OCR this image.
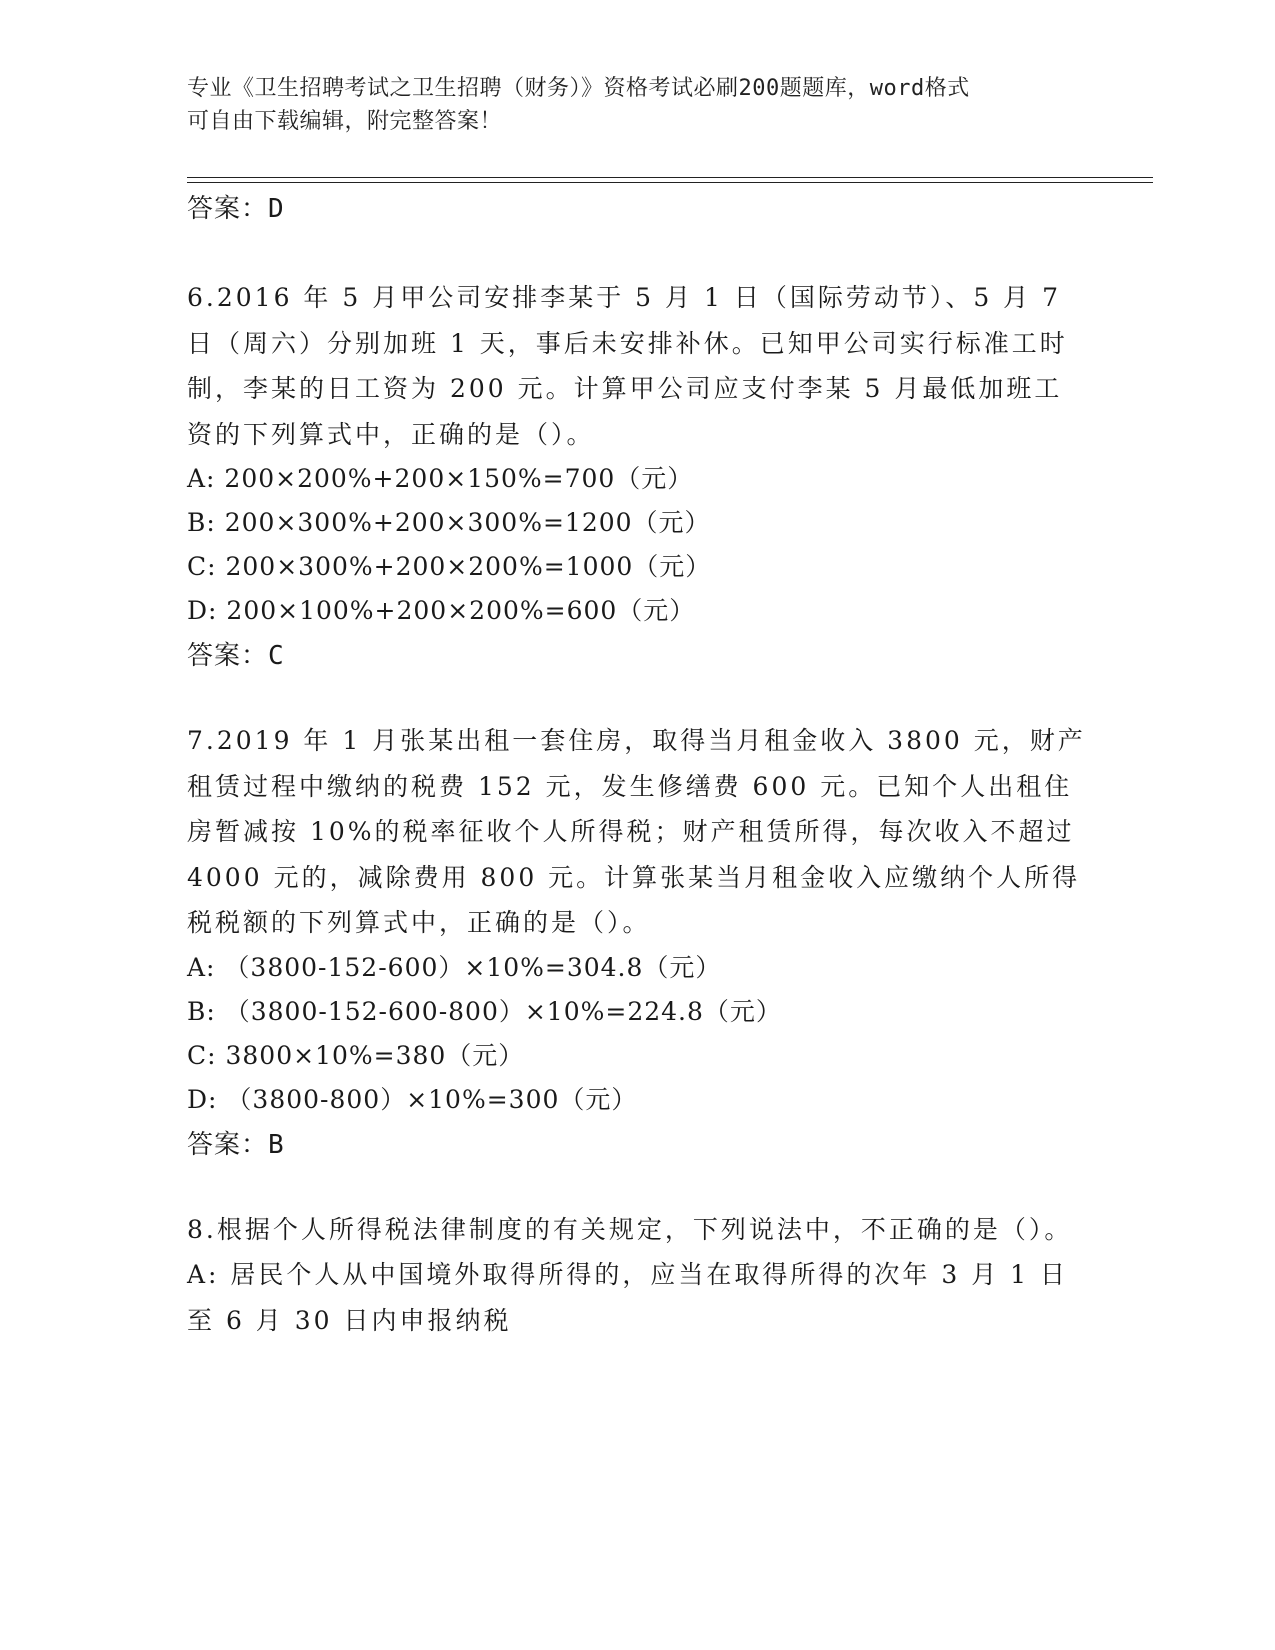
专业《卫生招聘考试之卫生招聘（财务）》资格考试必刷200题题库，word格式
可自由下载编辑，附完整答案！
答案：D
6.2016 年 5 月甲公司安排李某于 5 月 1 日（国际劳动节）、5 月 7 日（周六）分别加班 1 天，事后未安排补休。已知甲公司实行标准工时制，李某的日工资为 200 元。计算甲公司应支付李某 5 月最低加班工资的下列算式中，正确的是（）。
A: 200×200%+200×150%=700（元）
B: 200×300%+200×300%=1200（元）
C: 200×300%+200×200%=1000（元）
D: 200×100%+200×200%=600（元）
答案：C
7.2019 年 1 月张某出租一套住房，取得当月租金收入 3800 元，财产租赁过程中缴纳的税费 152 元，发生修缮费 600 元。已知个人出租住房暂减按 10%的税率征收个人所得税；财产租赁所得，每次收入不超过 4000 元的，减除费用 800 元。计算张某当月租金收入应缴纳个人所得税税额的下列算式中，正确的是（）。
A: （3800-152-600）×10%=304.8（元）
B: （3800-152-600-800）×10%=224.8（元）
C: 3800×10%=380（元）
D: （3800-800）×10%=300（元）
答案：B
8.根据个人所得税法律制度的有关规定，下列说法中，不正确的是（）。
A: 居民个人从中国境外取得所得的，应当在取得所得的次年 3 月 1 日至 6 月 30 日内申报纳税
